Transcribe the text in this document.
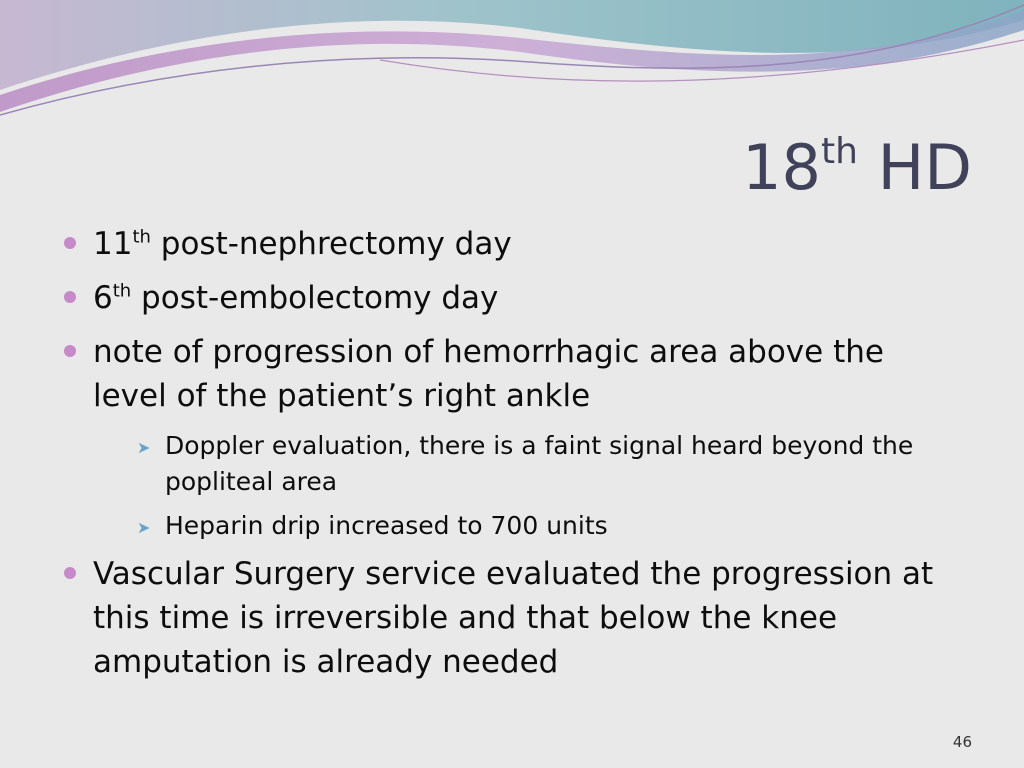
18th HD
11th post-nephrectomy day
6th post-embolectomy day
note of progression of hemorrhagic area above the level of the patient’s right ankle
➤ Doppler evaluation, there is a faint signal heard beyond the popliteal area
➤ Heparin drip increased to 700 units
Vascular Surgery service evaluated the progression at this time is irreversible and that below the knee amputation is already needed
46
